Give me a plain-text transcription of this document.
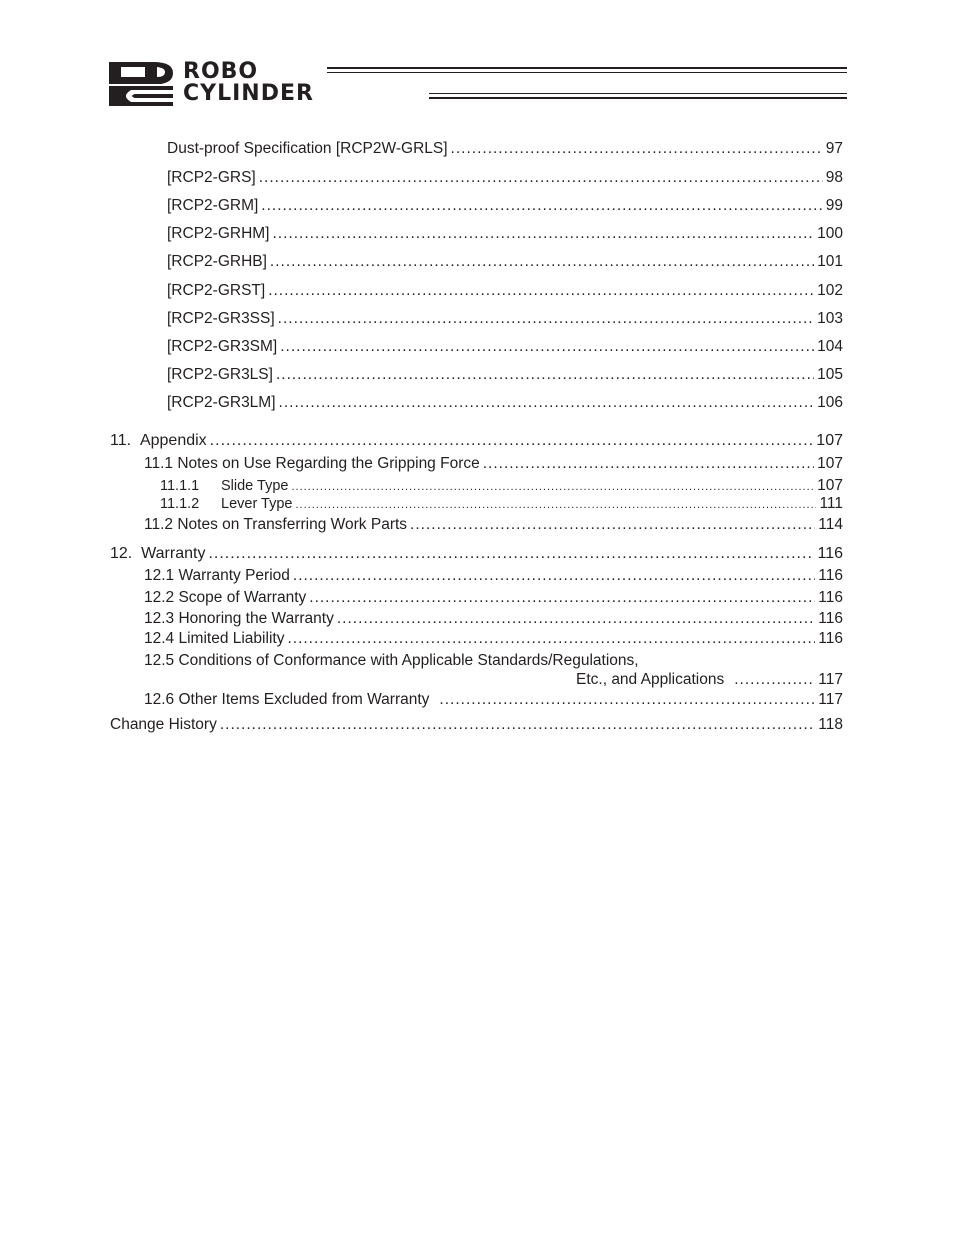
ROBO
CYLINDER
Dust-proof Specification [RCP2W-GRLS] .....	97
[RCP2-GRS] .....	98
[RCP2-GRM] .....	99
[RCP2-GRHM] .....	100
[RCP2-GRHB] .....	101
[RCP2-GRST] .....	102
[RCP2-GR3SS] .....	103
[RCP2-GR3SM] .....	104
[RCP2-GR3LS] .....	105
[RCP2-GR3LM] .....	106
11. Appendix .....	107
11.1 Notes on Use Regarding the Gripping Force .....	107
11.1.1 Slide Type .....	107
11.1.2 Lever Type .....	111
11.2 Notes on Transferring Work Parts .....	114
12. Warranty .....	116
12.1 Warranty Period .....	116
12.2 Scope of Warranty .....	116
12.3 Honoring the Warranty .....	116
12.4 Limited Liability .....	116
12.5 Conditions of Conformance with Applicable Standards/Regulations,
Etc., and Applications .....	117
12.6 Other Items Excluded from Warranty .....	117
Change History .....	118
